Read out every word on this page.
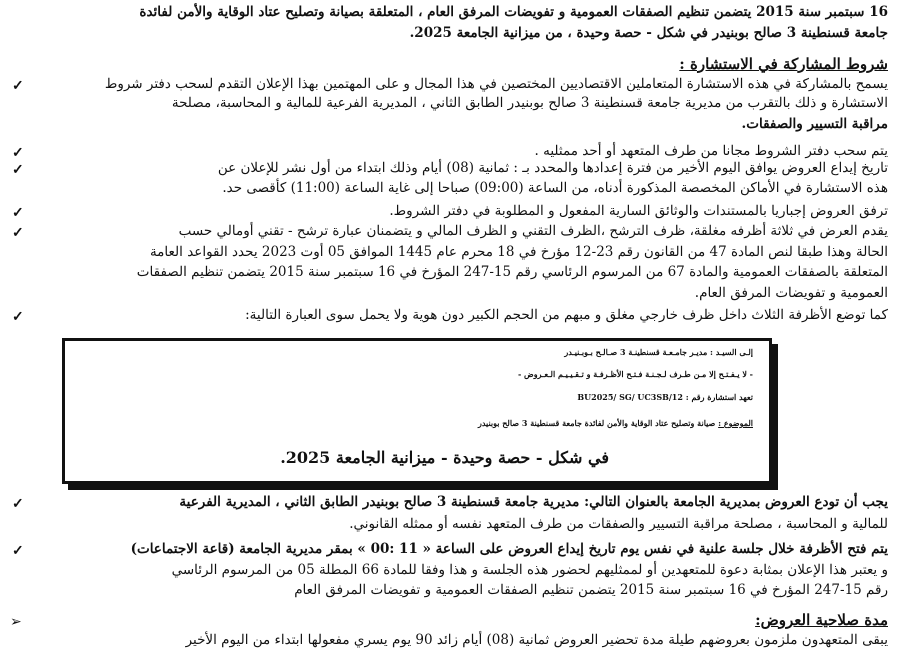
16 سبتمبر سنة 2015 يتضمن تنظيم الصفقات العمومية و تفويضات المرفق العام ، المتعلقة بصيانة وتصليح عتاد الوقاية والأمن لفائدة
جامعة قسنطينة 3 صالح بوبنيدر في شكل - حصة وحيدة ، من ميزانية الجامعة 2025.
شروط المشاركة في الاستشارة :
✓	يسمح بالمشاركة في هذه الاستشارة المتعاملين الاقتصاديين المختصين في هذا المجال و على المهتمين بهذا الإعلان التقدم لسحب دفتر شروط
الاستشارة و ذلك بالتقرب من مديرية جامعة قسنطينة 3 صالح بوبنيدر الطابق الثاني ، المديرية الفرعية للمالية و المحاسبة، مصلحة
مراقبة التسيير والصفقات.
✓	يتم سحب دفتر الشروط مجانا من طرف المتعهد أو أحد ممثليه .
✓	تاريخ إيداع العروض يوافق اليوم الأخير من فترة إعدادها والمحدد بـ : ثمانية (08) أيام وذلك ابتداء من أول نشر للإعلان عن
هذه الاستشارة في الأماكن المخصصة المذكورة أدناه، من الساعة (09:00) صباحا إلى غاية الساعة (11:00) كأقصى حد.
✓	ترفق العروض إجباريا بالمستندات والوثائق السارية المفعول و المطلوبة في دفتر الشروط.
✓	يقدم العرض في ثلاثة أظرفه مغلقة، ظرف الترشح ،الظرف التقني و الظرف المالي و يتضمنان عبارة ترشح - تقني أومالي حسب
الحالة وهذا طبقا لنص المادة 47 من القانون رقم 23-12 مؤرخ في 18 محرم عام 1445 الموافق 05 أوت 2023 يحدد القواعد العامة
المتعلقة بالصفقات العمومية والمادة 67 من المرسوم الرئاسي رقم 15-247 المؤرخ في 16 سبتمبر سنة 2015 يتضمن تنظيم الصفقات
العمومية و تفويضات المرفق العام.
✓	كما توضع الأظرفة الثلاث داخل ظرف خارجي مغلق و مبهم من الحجم الكبير دون هوية ولا يحمل سوى العبارة التالية:
إلـى السيـد : مديـر جامـعـة قسنطينـة 3 صـالـح بـوبـنيـدر
- لا يـفـتـح إلا مـن طـرف لـجـنـة فـتـح الأظـرفـة و تـقـيـيـم الـعـروض -
تعهد استشارة رقم : BU2025/ SG/ UC3SB/12
الموضوع : صيانة وتصليح عتاد الوقاية والأمن لفائدة جامعة قسنطينة 3 صالح بوبنيدر
في شكل - حصة وحيدة - ميزانية الجامعة 2025.
✓	يجب أن تودع العروض بمديرية الجامعة بالعنوان التالي: مديرية جامعة قسنطينة 3 صالح بوبنيدر الطابق الثاني ، المديرية الفرعية
للمالية و المحاسبة ، مصلحة مراقبة التسيير والصفقات من طرف المتعهد نفسه أو ممثله القانوني.
✓	يتم فتح الأظرفة خلال جلسة علنية في نفس يوم تاريخ إيداع العروض على الساعة « 11 :00 » بمقر مديرية الجامعة (قاعة الاجتماعات)
و يعتبر هذا الإعلان بمثابة دعوة للمتعهدين أو لممثليهم لحضور هذه الجلسة و هذا وفقا للمادة 66 المطلة 05 من المرسوم الرئاسي
رقم 15-247 المؤرخ في 16 سبتمبر سنة 2015 يتضمن تنظيم الصفقات العمومية و تفويضات المرفق العام
➢	مدة صلاحية العروض:
يبقى المتعهدون ملزمون بعروضهم طيلة مدة تحضير العروض ثمانية (08) أيام زائد 90 يوم يسري مفعولها ابتداء من اليوم الأخير
